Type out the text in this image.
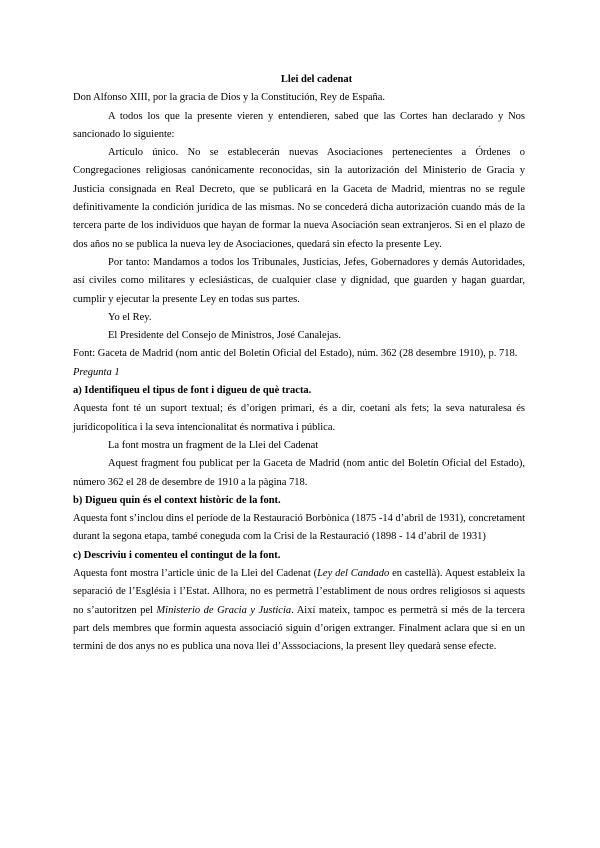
Llei del cadenat

Don Alfonso XIII, por la gracia de Dios y la Constitución, Rey de España.

A todos los que la presente vieren y entendieren, sabed que las Cortes han declarado y Nos sancionado lo siguiente:

Artículo único. No se establecerán nuevas Asociaciones pertenecientes a Órdenes o Congregaciones religiosas canónicamente reconocidas, sin la autorización del Ministerio de Gracia y Justicia consignada en Real Decreto, que se publicará en la Gaceta de Madrid, mientras no se regule definitivamente la condición jurídica de las mismas. No se concederá dicha autorización cuando más de la tercera parte de los individuos que hayan de formar la nueva Asociación sean extranjeros. Si en el plazo de dos años no se publica la nueva ley de Asociaciones, quedará sin efecto la presente Ley.

Por tanto: Mandamos a todos los Tribunales, Justicias, Jefes, Gobernadores y demás Autoridades, así civiles como militares y eclesiásticas, de cualquier clase y dignidad, que guarden y hagan guardar, cumplir y ejecutar la presente Ley en todas sus partes.

Yo el Rey.

El Presidente del Consejo de Ministros, José Canalejas.

Font: Gaceta de Madrid (nom antic del Boletín Oficial del Estado), núm. 362 (28 desembre 1910), p. 718.

Pregunta 1

a) Identifiqueu el tipus de font i digueu de què tracta.

Aquesta font té un suport textual; és d’origen primari, és a dir, coetani als fets; la seva naturalesa és juridicopolítica i la seva intencionalitat és normativa i pública.

La font mostra un fragment de la Llei del Cadenat

Aquest fragment fou publicat per la Gaceta de Madrid (nom antic del Boletín Oficial del Estado), número 362 el 28 de desembre de 1910 a la pàgina 718.

b) Digueu quin és el context històric de la font.

Aquesta font s’inclou dins el període de la Restauració Borbònica (1875 -14 d’abril de 1931), concretament durant la segona etapa, també coneguda com la Crisi de la Restauració (1898 - 14 d’abril de 1931)

c) Descriviu i comenteu el contingut de la font.

Aquesta font mostra l’article únic de la Llei del Cadenat (Ley del Candado en castellà). Aquest estableix la separació de l’Església i l’Estat. Allhora, no es permetrà l’establiment de nous ordres religiosos si aquests no s’autoritzen pel Ministerio de Gracia y Justicia. Així mateix, tampoc es permetrà si més de la tercera part dels membres que formin aquesta associació siguin d’origen extranger. Finalment aclara que si en un termini de dos anys no es publica una nova llei d’Asssociacions, la present lley quedarà sense efecte.
